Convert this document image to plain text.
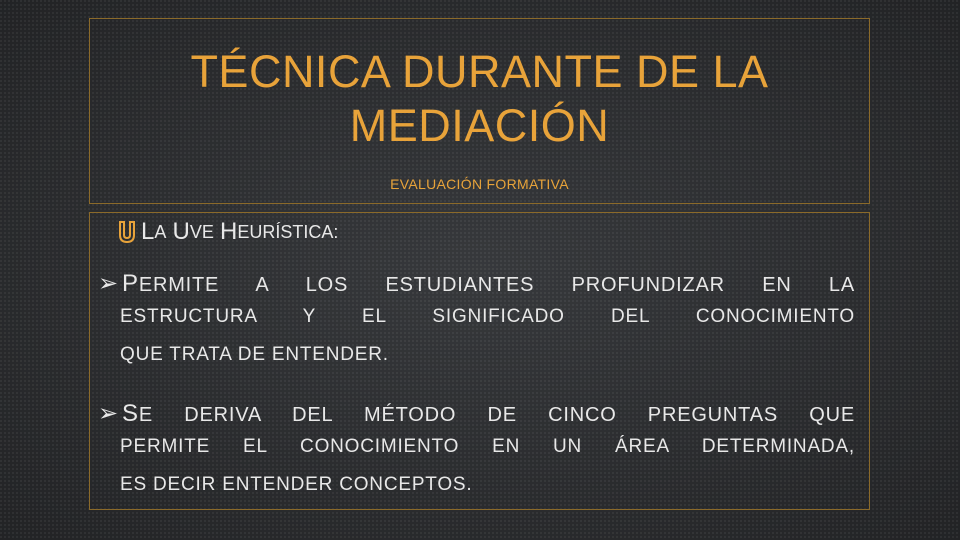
TÉCNICA DURANTE DE LA MEDIACIÓN
EVALUACIÓN FORMATIVA
L A
U VE
H EURÍSTICA:
➢ PERMITE A LOS ESTUDIANTES PROFUNDIZAR EN LA
ESTRUCTURA Y EL SIGNIFICADO DEL CONOCIMIENTO
QUE TRATA DE ENTENDER.
➢ SE DERIVA DEL MÉTODO DE CINCO PREGUNTAS QUE
PERMITE EL CONOCIMIENTO EN UN ÁREA DETERMINADA,
ES DECIR ENTENDER CONCEPTOS.
